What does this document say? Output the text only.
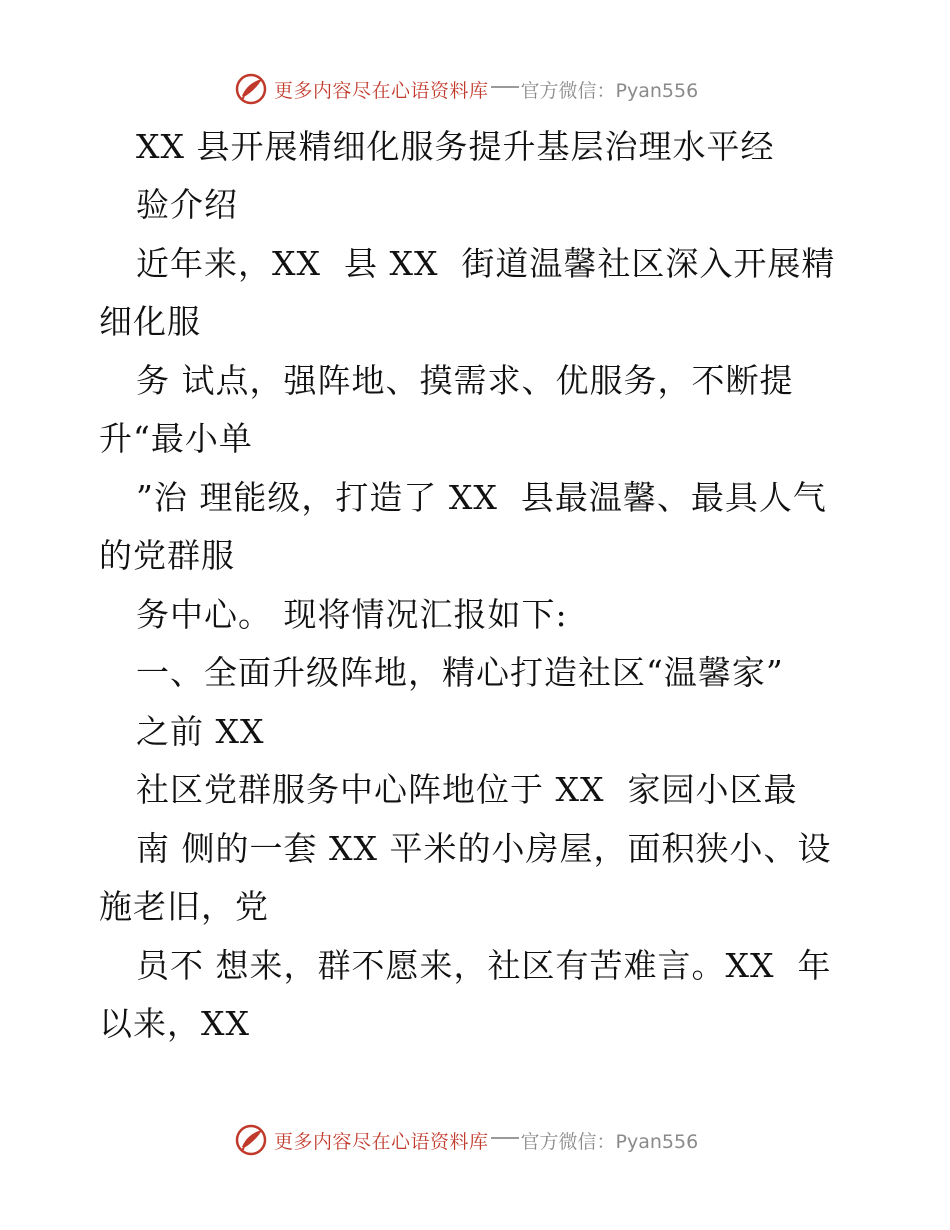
更多内容尽在心语资料库 官方微信：Pyan556
XX 县开展精细化服务提升基层治理水平经
验介绍
近年来，XX  县 XX  街道温馨社区深入开展精
细化服
务 试点，强阵地、摸需求、优服务，不断提
升“最小单
”治 理能级，打造了 XX  县最温馨、最具人气
的党群服
务中心。 现将情况汇报如下:
一、全面升级阵地，精心打造社区“温馨家”
之前 XX
社区党群服务中心阵地位于 XX  家园小区最
南 侧的一套 XX 平米的小房屋，面积狭小、设
施老旧，党
员不 想来，群不愿来，社区有苦难言。XX  年
以来，XX
更多内容尽在心语资料库 官方微信：Pyan556
